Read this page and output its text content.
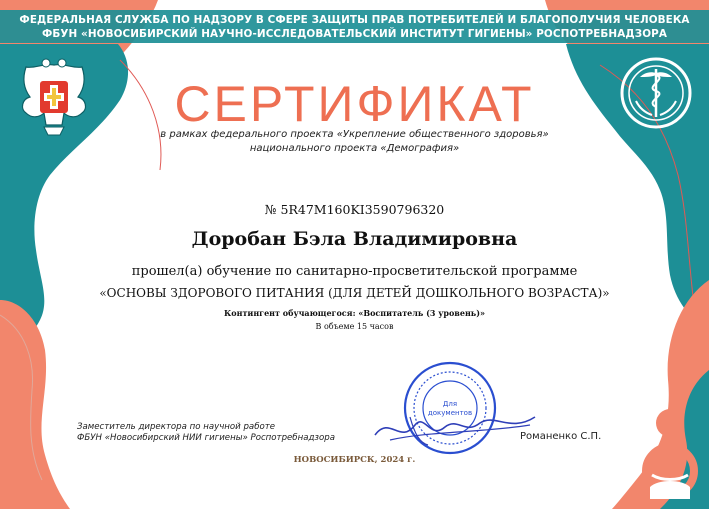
ФЕДЕРАЛЬНАЯ СЛУЖБА ПО НАДЗОРУ В СФЕРЕ ЗАЩИТЫ ПРАВ ПОТРЕБИТЕЛЕЙ И БЛАГОПОЛУЧИЯ ЧЕЛОВЕКА
ФБУН «НОВОСИБИРСКИЙ НАУЧНО-ИССЛЕДОВАТЕЛЬСКИЙ ИНСТИТУТ ГИГИЕНЫ» РОСПОТРЕБНАДЗОРА
СЕРТИФИКАТ
в рамках федерального проекта «Укрепление общественного здоровья»
национального проекта «Демография»
№ 5R47M160KI3590796320
Доробан Бэла Владимировна
прошел(а) обучение по санитарно-просветительской программе
«ОСНОВЫ ЗДОРОВОГО ПИТАНИЯ (ДЛЯ ДЕТЕЙ ДОШКОЛЬНОГО ВОЗРАСТА)»
Контингент обучающегося: «Воспитатель (3 уровень)»
В объеме 15 часов
Для
документов
Заместитель директора по научной работе
ФБУН «Новосибирский НИИ гигиены» Роспотребнадзора	Романенко С.П.
НОВОСИБИРСК, 2024 г.
